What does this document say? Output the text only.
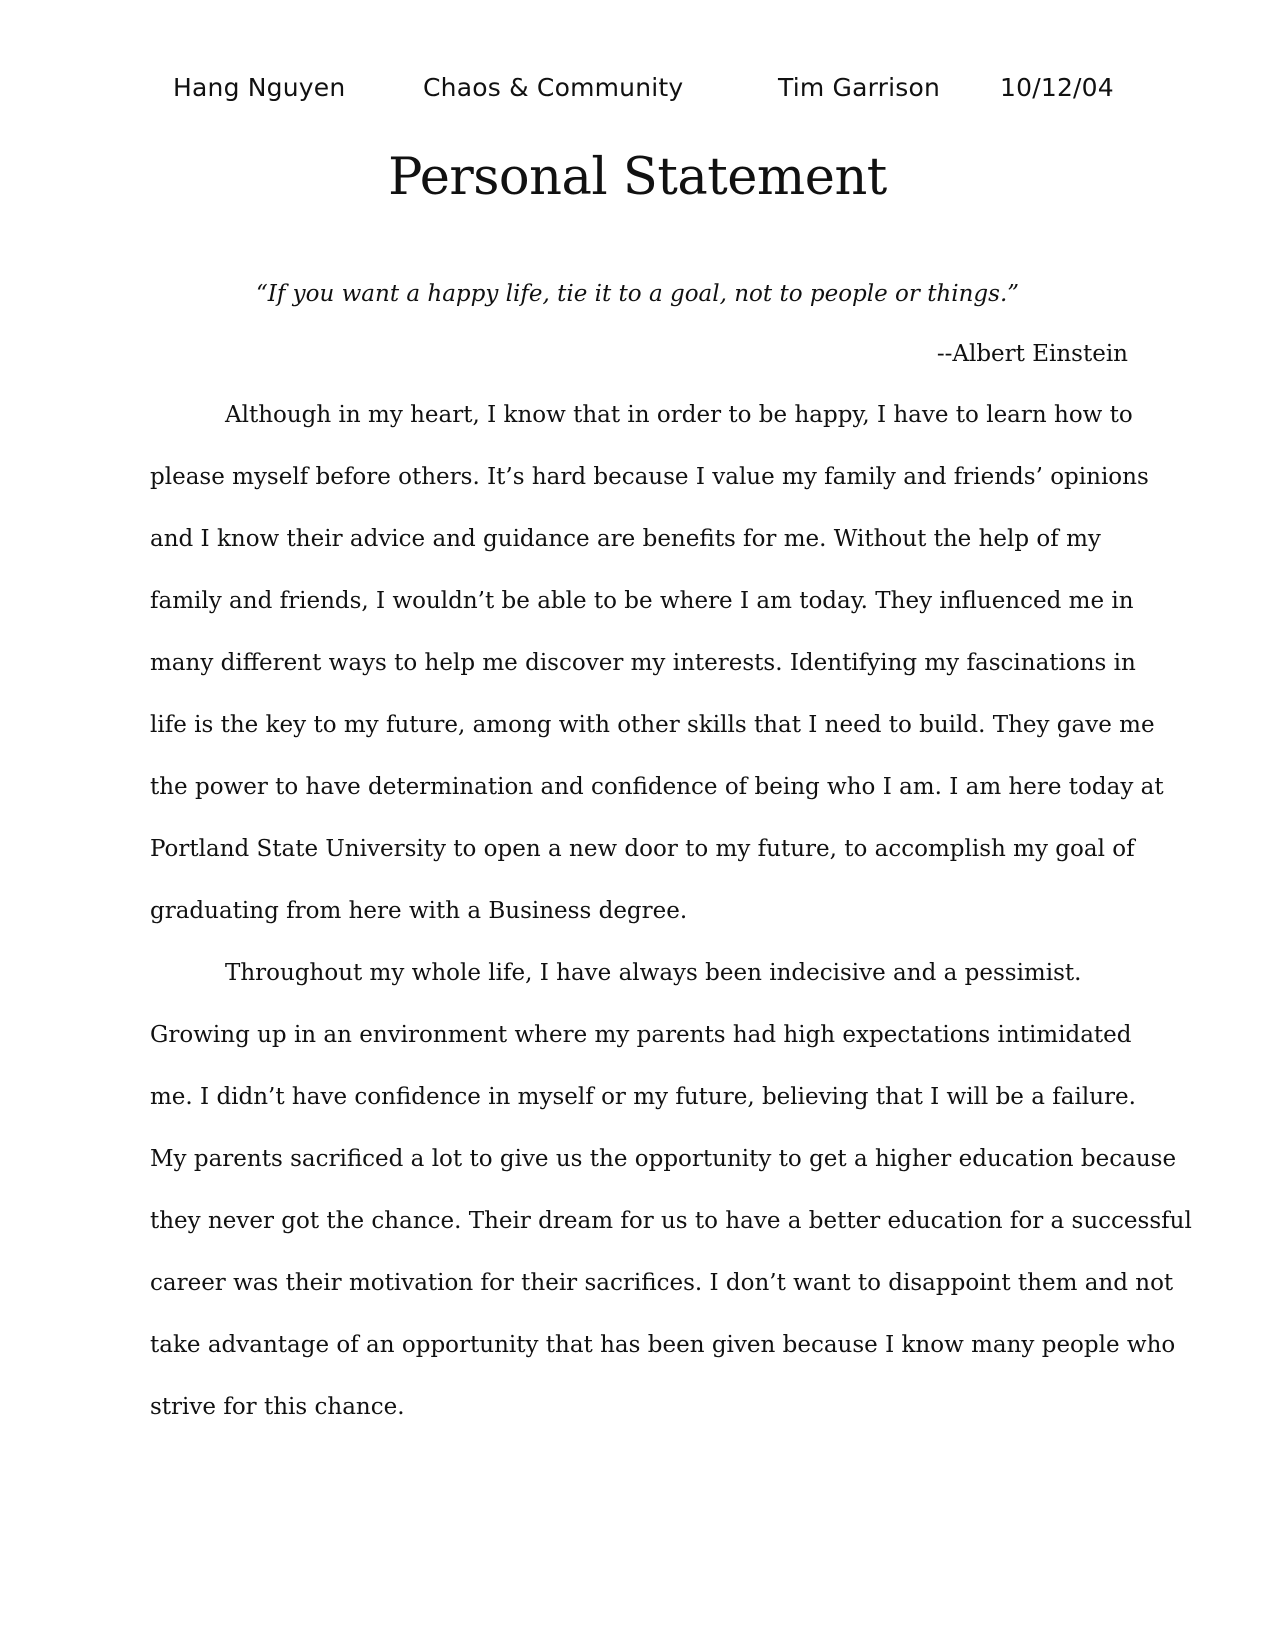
Hang Nguyen	Chaos & Community	Tim Garrison 10/12/04
Personal Statement
“If you want a happy life, tie it to a goal, not to people or things.”
--Albert Einstein
Although in my heart, I know that in order to be happy, I have to learn how to
please myself before others. It’s hard because I value my family and friends’ opinions
and I know their advice and guidance are benefits for me. Without the help of my
family and friends, I wouldn’t be able to be where I am today. They influenced me in
many different ways to help me discover my interests. Identifying my fascinations in
life is the key to my future, among with other skills that I need to build. They gave me
the power to have determination and confidence of being who I am. I am here today at
Portland State University to open a new door to my future, to accomplish my goal of
graduating from here with a Business degree.
Throughout my whole life, I have always been indecisive and a pessimist.
Growing up in an environment where my parents had high expectations intimidated
me. I didn’t have confidence in myself or my future, believing that I will be a failure.
My parents sacrificed a lot to give us the opportunity to get a higher education because
they never got the chance. Their dream for us to have a better education for a successful
career was their motivation for their sacrifices. I don’t want to disappoint them and not
take advantage of an opportunity that has been given because I know many people who
strive for this chance.
